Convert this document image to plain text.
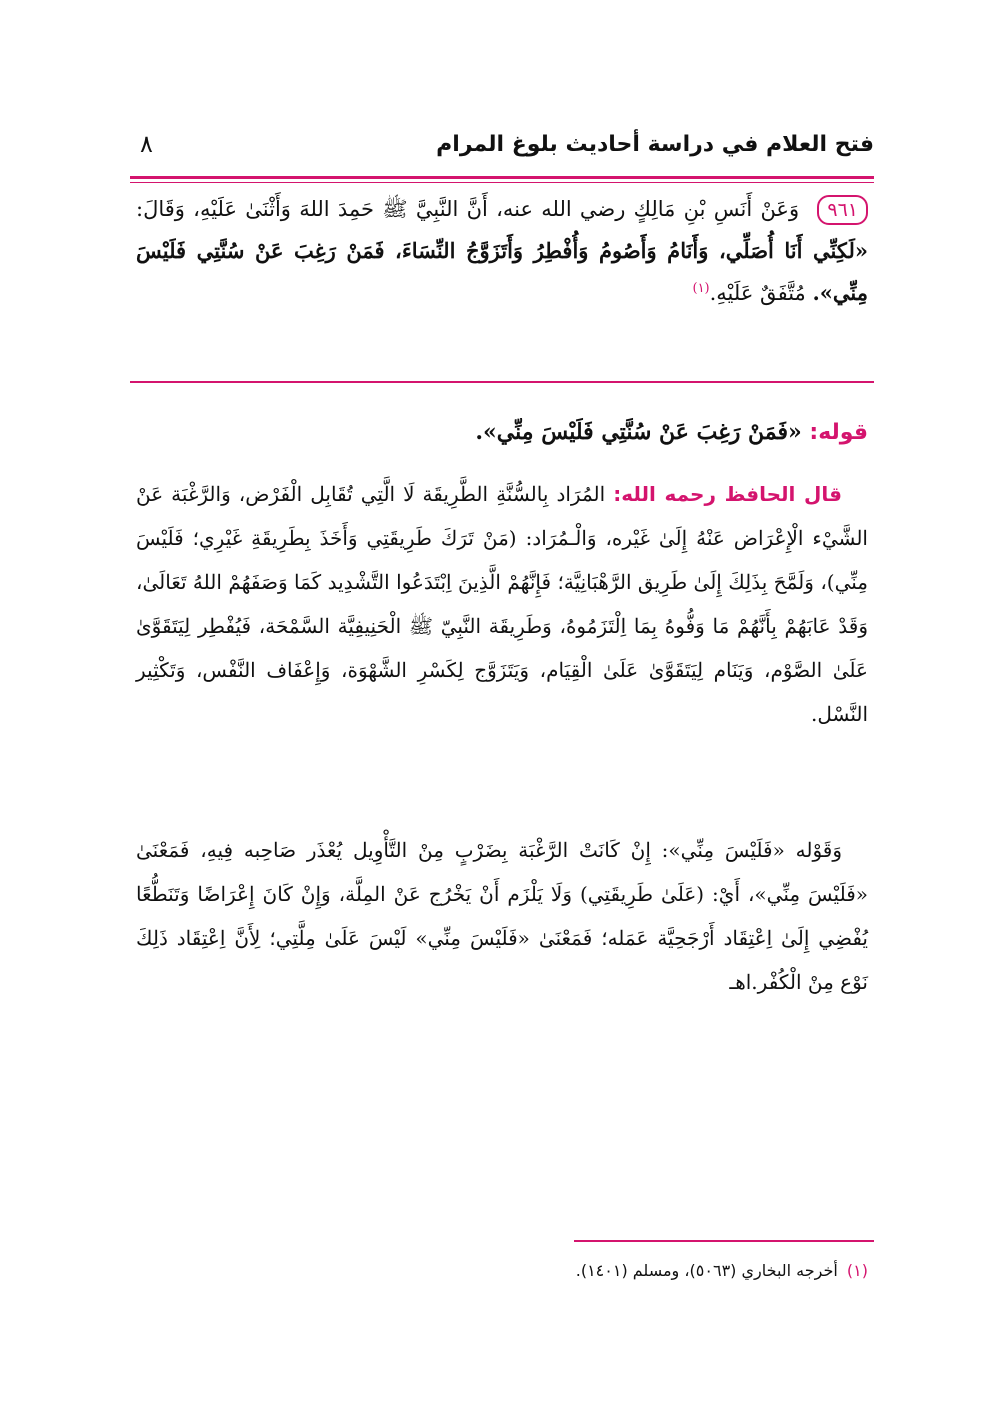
فتح العلام في دراسة أحاديث بلوغ المرام
٨
٩٦١ وَعَنْ أَنَسِ بْنِ مَالِكٍ رضي الله عنه، أَنَّ النَّبِيَّ ﷺ حَمِدَ اللهَ وَأَثْنَىٰ عَلَيْهِ، وَقَالَ: «لَكِنِّي أَنَا أُصَلِّي، وَأَنَامُ وَأَصُومُ وَأُفْطِرُ وَأَتَزَوَّجُ النِّسَاءَ، فَمَنْ رَغِبَ عَنْ سُنَّتِي فَلَيْسَ مِنِّي». مُتَّفَقٌ عَلَيْهِ.$^{(١)}$
قوله: «فَمَنْ رَغِبَ عَنْ سُنَّتِي فَلَيْسَ مِنِّي».
قال الحافظ رحمه الله: المُرَاد بِالسُّنَّةِ الطَّرِيقَة لَا الَّتِي تُقَابِل الْفَرْض، وَالرَّغْبَة عَنْ الشَّيْء الْإِعْرَاض عَنْهُ إِلَىٰ غَيْره، وَالْـمُرَاد: (مَنْ تَرَكَ طَرِيقَتِي وَأَخَذَ بِطَرِيقَةِ غَيْرِي؛ فَلَيْسَ مِنِّي)، وَلَمَّحَ بِذَلِكَ إِلَىٰ طَرِيق الرَّهْبَانِيَّة؛ فَإِنَّهُمْ الَّذِينَ اِبْتَدَعُوا التَّشْدِيد كَمَا وَصَفَهُمْ اللهُ تَعَالَىٰ، وَقَدْ عَابَهُمْ بِأَنَّهُمْ مَا وَفُّوهُ بِمَا اِلْتَزَمُوهُ، وَطَرِيقَة النَّبِيّ ﷺ الْحَنِيفِيَّة السَّمْحَة، فَيُفْطِر لِيَتَقَوَّىٰ عَلَىٰ الصَّوْم، وَيَنَام لِيَتَقَوَّىٰ عَلَىٰ الْقِيَام، وَيَتَزَوَّج لِكَسْرِ الشَّهْوَة، وَإِعْفَاف النَّفْس، وَتَكْثِير النَّسْل.
وَقَوْله «فَلَيْسَ مِنِّي»: إِنْ كَانَتْ الرَّغْبَة بِضَرْبٍ مِنْ التَّأْوِيل يُعْذَر صَاحِبه فِيهِ، فَمَعْنَىٰ «فَلَيْسَ مِنِّي»، أَيْ: (عَلَىٰ طَرِيقَتِي) وَلَا يَلْزَم أَنْ يَخْرُج عَنْ المِلَّة، وَإِنْ كَانَ إِعْرَاضًا وَتَنَطُّعًا يُفْضِي إِلَىٰ اِعْتِقَاد أَرْجَحِيَّة عَمَله؛ فَمَعْنَىٰ «فَلَيْسَ مِنِّي» لَيْسَ عَلَىٰ مِلَّتِي؛ لِأَنَّ اِعْتِقَاد ذَلِكَ نَوْع مِنْ الْكُفْر.اهـ
(١) أخرجه البخاري (٥٠٦٣)، ومسلم (١٤٠١).
